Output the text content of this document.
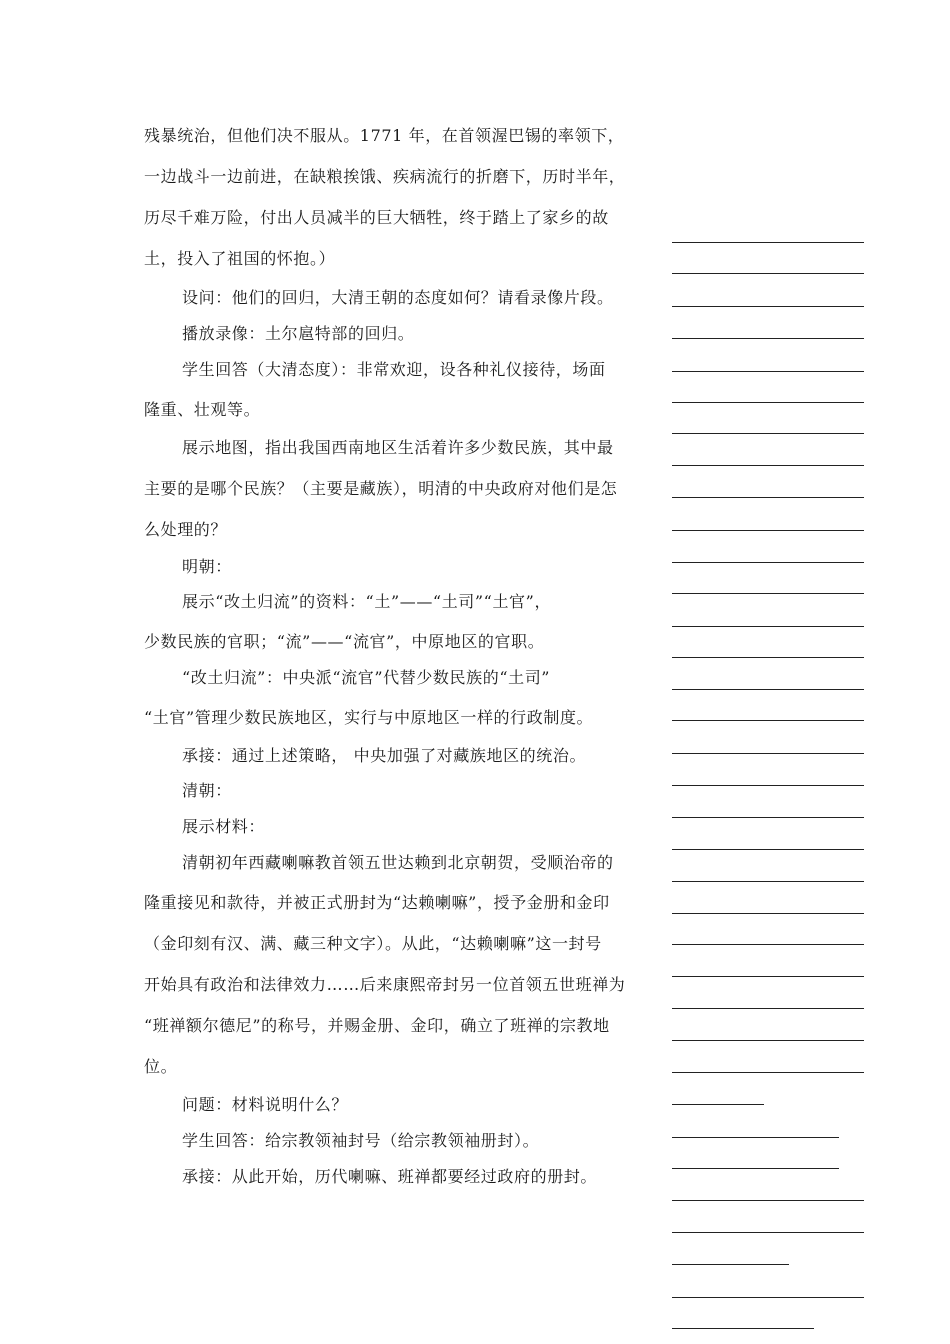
残暴统治，但他们决不服从。1771 年，在首领渥巴锡的率领下，
一边战斗一边前进，在缺粮挨饿、疾病流行的折磨下，历时半年，
历尽千难万险，付出人员减半的巨大牺牲，终于踏上了家乡的故
土，投入了祖国的怀抱。）
设问：他们的回归，大清王朝的态度如何？请看录像片段。
播放录像：土尔扈特部的回归。
学生回答（大清态度）：非常欢迎，设各种礼仪接待，场面
隆重、壮观等。
展示地图，指出我国西南地区生活着许多少数民族，其中最
主要的是哪个民族？（主要是藏族），明清的中央政府对他们是怎
么处理的？
明朝：
展示“改土归流”的资料：“土”——“土司”“土官”，
少数民族的官职；“流”——“流官”，中原地区的官职。
“改土归流”：中央派“流官”代替少数民族的“土司”
“土官”管理少数民族地区，实行与中原地区一样的行政制度。
承接：通过上述策略， 中央加强了对藏族地区的统治。
清朝：
展示材料：
清朝初年西藏喇嘛教首领五世达赖到北京朝贺，受顺治帝的
隆重接见和款待，并被正式册封为“达赖喇嘛”，授予金册和金印
（金印刻有汉、满、藏三种文字）。从此，“达赖喇嘛”这一封号
开始具有政治和法律效力……后来康熙帝封另一位首领五世班禅为
“班禅额尔德尼”的称号，并赐金册、金印，确立了班禅的宗教地
位。
问题：材料说明什么？
学生回答：给宗教领袖封号（给宗教领袖册封）。
承接：从此开始，历代喇嘛、班禅都要经过政府的册封。
